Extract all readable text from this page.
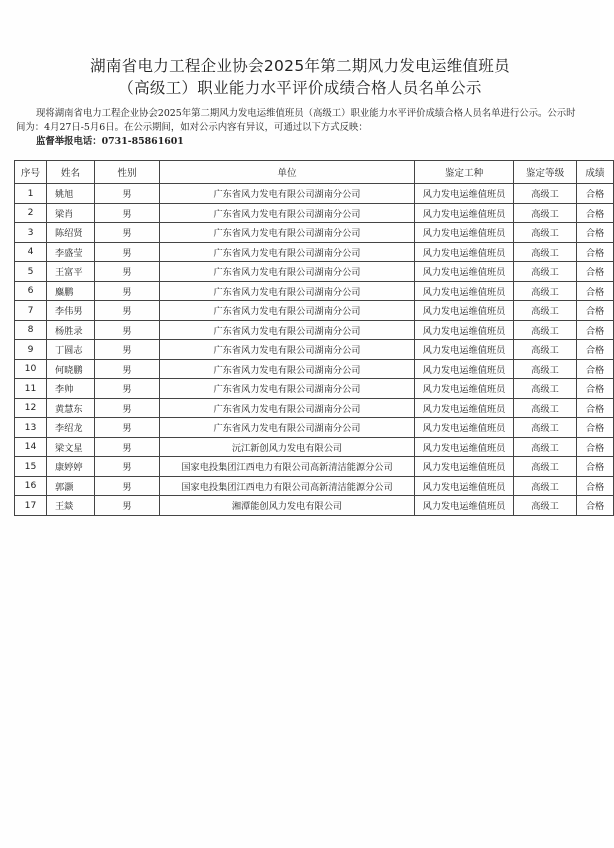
湖南省电力工程企业协会2025年第二期风力发电运维值班员
（高级工）职业能力水平评价成绩合格人员名单公示
现将湖南省电力工程企业协会2025年第二期风力发电运维值班员（高级工）职业能力水平评价成绩合格人员名单进行公示。公示时间为：4月27日-5月6日。在公示期间，如对公示内容有异议，可通过以下方式反映：
监督举报电话：0731-85861601
序号	姓名	性别	单位	鉴定工种	鉴定等级	成绩
1	姚旭	男	广东省风力发电有限公司湖南分公司	风力发电运维值班员	高级工	合格
2	梁肖	男	广东省风力发电有限公司湖南分公司	风力发电运维值班员	高级工	合格
3	陈绍贤	男	广东省风力发电有限公司湖南分公司	风力发电运维值班员	高级工	合格
4	李盛莹	男	广东省风力发电有限公司湖南分公司	风力发电运维值班员	高级工	合格
5	王富平	男	广东省风力发电有限公司湖南分公司	风力发电运维值班员	高级工	合格
6	麋鹏	男	广东省风力发电有限公司湖南分公司	风力发电运维值班员	高级工	合格
7	李伟男	男	广东省风力发电有限公司湖南分公司	风力发电运维值班员	高级工	合格
8	杨胜录	男	广东省风力发电有限公司湖南分公司	风力发电运维值班员	高级工	合格
9	丁圆志	男	广东省风力发电有限公司湖南分公司	风力发电运维值班员	高级工	合格
10	何晓鹏	男	广东省风力发电有限公司湖南分公司	风力发电运维值班员	高级工	合格
11	李帅	男	广东省风力发电有限公司湖南分公司	风力发电运维值班员	高级工	合格
12	黄慧东	男	广东省风力发电有限公司湖南分公司	风力发电运维值班员	高级工	合格
13	李绍龙	男	广东省风力发电有限公司湖南分公司	风力发电运维值班员	高级工	合格
14	梁文星	男	沅江新创风力发电有限公司	风力发电运维值班员	高级工	合格
15	康婷婷	男	国家电投集团江西电力有限公司高新清洁能源分公司	风力发电运维值班员	高级工	合格
16	郭灏	男	国家电投集团江西电力有限公司高新清洁能源分公司	风力发电运维值班员	高级工	合格
17	王燚	男	湘潭能创风力发电有限公司	风力发电运维值班员	高级工	合格
